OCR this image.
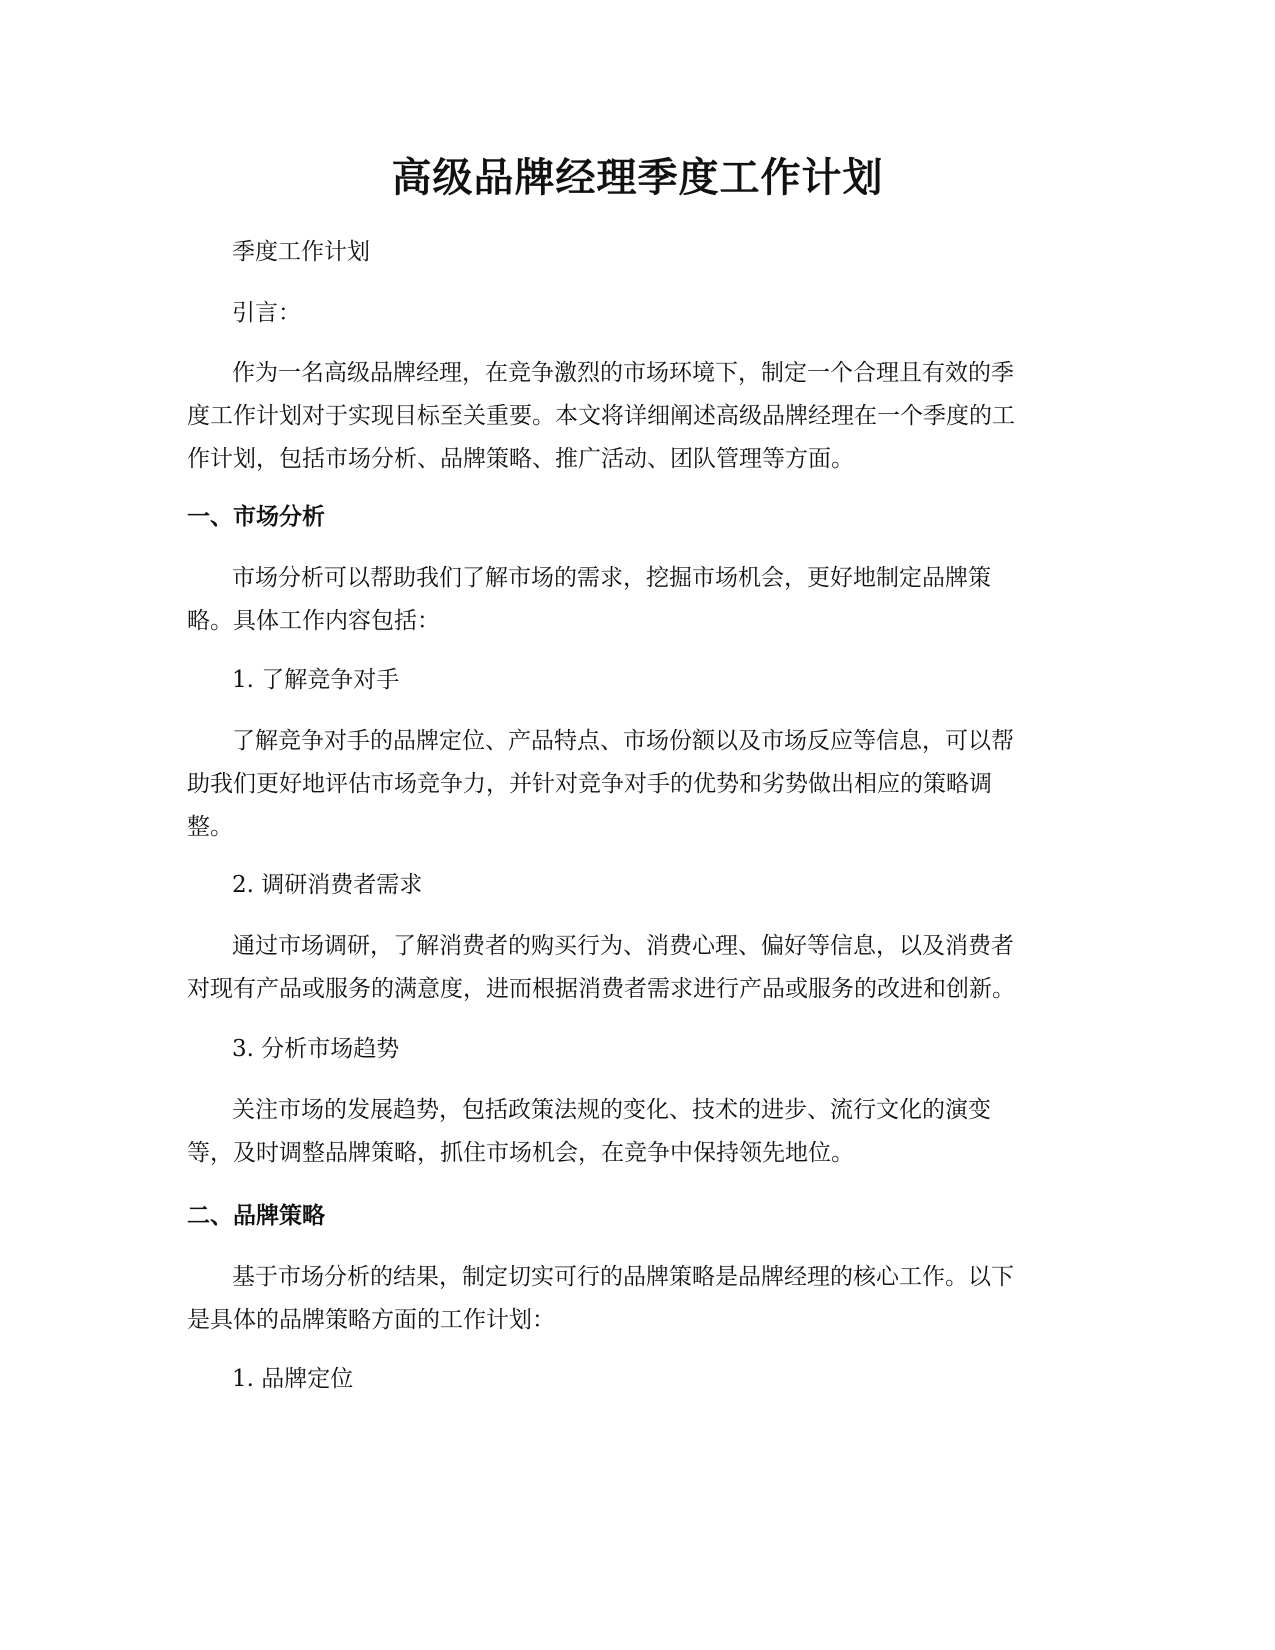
高级品牌经理季度工作计划

季度工作计划

引言：

作为一名高级品牌经理，在竞争激烈的市场环境下，制定一个合理且有效的季
度工作计划对于实现目标至关重要。本文将详细阐述高级品牌经理在一个季度的工
作计划，包括市场分析、品牌策略、推广活动、团队管理等方面。

一、市场分析

市场分析可以帮助我们了解市场的需求，挖掘市场机会，更好地制定品牌策
略。具体工作内容包括：

1. 了解竞争对手

了解竞争对手的品牌定位、产品特点、市场份额以及市场反应等信息，可以帮
助我们更好地评估市场竞争力，并针对竞争对手的优势和劣势做出相应的策略调
整。

2. 调研消费者需求

通过市场调研，了解消费者的购买行为、消费心理、偏好等信息，以及消费者
对现有产品或服务的满意度，进而根据消费者需求进行产品或服务的改进和创新。

3. 分析市场趋势

关注市场的发展趋势，包括政策法规的变化、技术的进步、流行文化的演变
等，及时调整品牌策略，抓住市场机会，在竞争中保持领先地位。

二、品牌策略

基于市场分析的结果，制定切实可行的品牌策略是品牌经理的核心工作。以下
是具体的品牌策略方面的工作计划：

1. 品牌定位
